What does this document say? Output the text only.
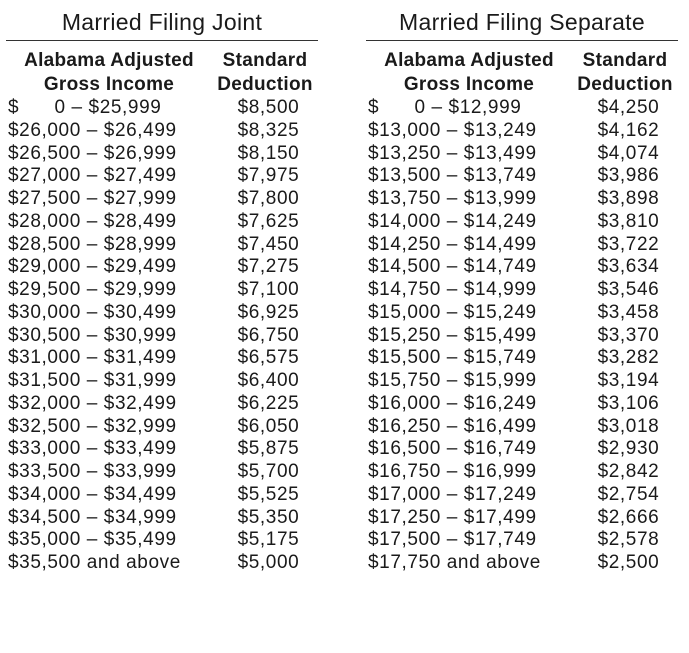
Married Filing Joint
Alabama Adjusted
Gross Income
Standard
Deduction
$      0 – $25,999	$8,500
$26,000 – $26,499	$8,325
$26,500 – $26,999	$8,150
$27,000 – $27,499	$7,975
$27,500 – $27,999	$7,800
$28,000 – $28,499	$7,625
$28,500 – $28,999	$7,450
$29,000 – $29,499	$7,275
$29,500 – $29,999	$7,100
$30,000 – $30,499	$6,925
$30,500 – $30,999	$6,750
$31,000 – $31,499	$6,575
$31,500 – $31,999	$6,400
$32,000 – $32,499	$6,225
$32,500 – $32,999	$6,050
$33,000 – $33,499	$5,875
$33,500 – $33,999	$5,700
$34,000 – $34,499	$5,525
$34,500 – $34,999	$5,350
$35,000 – $35,499	$5,175
$35,500 and above	$5,000
Married Filing Separate
Alabama Adjusted
Gross Income
Standard
Deduction
$      0 – $12,999	$4,250
$13,000 – $13,249	$4,162
$13,250 – $13,499	$4,074
$13,500 – $13,749	$3,986
$13,750 – $13,999	$3,898
$14,000 – $14,249	$3,810
$14,250 – $14,499	$3,722
$14,500 – $14,749	$3,634
$14,750 – $14,999	$3,546
$15,000 – $15,249	$3,458
$15,250 – $15,499	$3,370
$15,500 – $15,749	$3,282
$15,750 – $15,999	$3,194
$16,000 – $16,249	$3,106
$16,250 – $16,499	$3,018
$16,500 – $16,749	$2,930
$16,750 – $16,999	$2,842
$17,000 – $17,249	$2,754
$17,250 – $17,499	$2,666
$17,500 – $17,749	$2,578
$17,750 and above	$2,500
